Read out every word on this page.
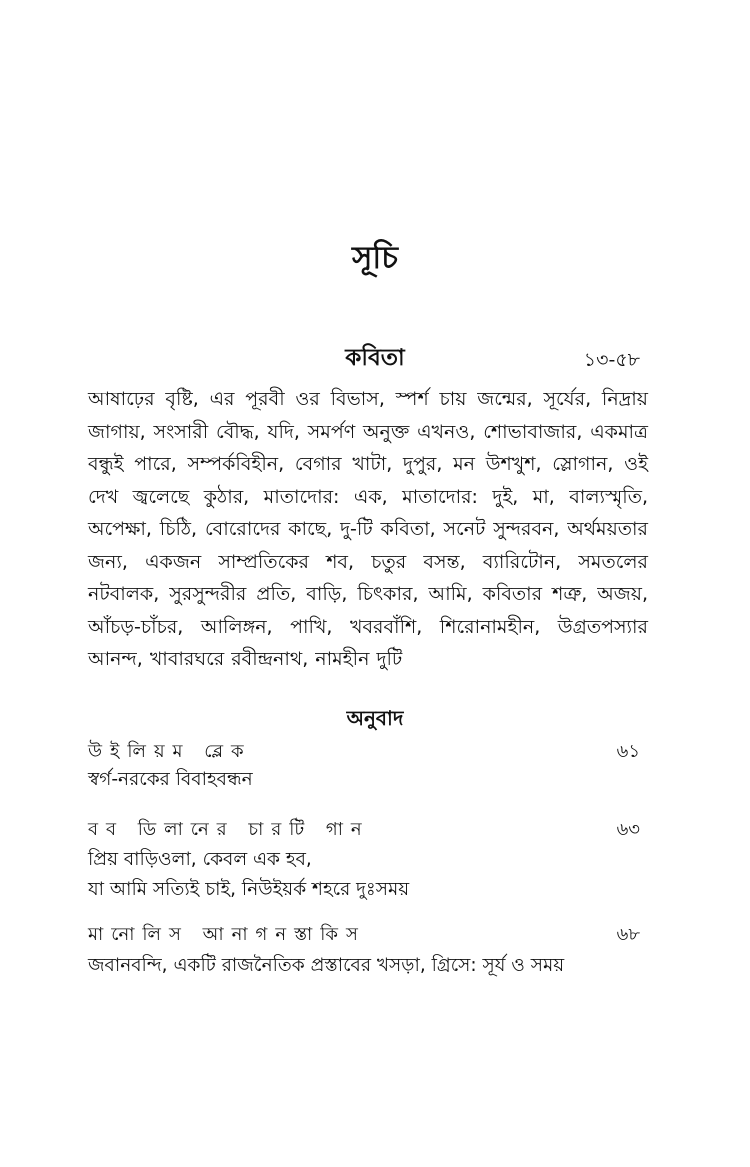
সূচি
কবিতা	১৩-৫৮
আষাঢ়ের বৃষ্টি, এর পূরবী ওর বিভাস, স্পর্শ চায় জন্মের, সূর্যের, নিদ্রায় জাগায়, সংসারী বৌদ্ধ, যদি, সমর্পণ অনুক্ত এখনও, শোভাবাজার, একমাত্র বন্ধুই পারে, সম্পর্কবিহীন, বেগার খাটা, দুপুর, মন উশখুশ, স্লোগান, ওই দেখ জ্বলেছে কুঠার, মাতাদোর: এক, মাতাদোর: দুই, মা, বাল্যস্মৃতি, অপেক্ষা, চিঠি, বোরোদের কাছে, দু-টি কবিতা, সনেট সুন্দরবন, অর্থময়তার জন্য, একজন সাম্প্রতিকের শব, চতুর বসন্ত, ব্যারিটোন, সমতলের নটবালক, সুরসুন্দরীর প্রতি, বাড়ি, চিৎকার, আমি, কবিতার শত্রু, অজয়, আঁচড়-চাঁচর, আলিঙ্গন, পাখি, খবরবাঁশি, শিরোনামহীন, উগ্রতপস্যার আনন্দ, খাবারঘরে রবীন্দ্রনাথ, নামহীন দুটি
অনুবাদ
উইলিয়ম ব্লেক	৬১
স্বর্গ-নরকের বিবাহবন্ধন
বব ডিলানের চারটি গান	৬৩
প্রিয় বাড়িওলা, কেবল এক হব,
যা আমি সত্যিই চাই, নিউইয়র্ক শহরে দুঃসময়
মানোলিস আনাগনস্তাকিস	৬৮
জবানবন্দি, একটি রাজনৈতিক প্রস্তাবের খসড়া, গ্রিসে: সূর্য ও সময়
